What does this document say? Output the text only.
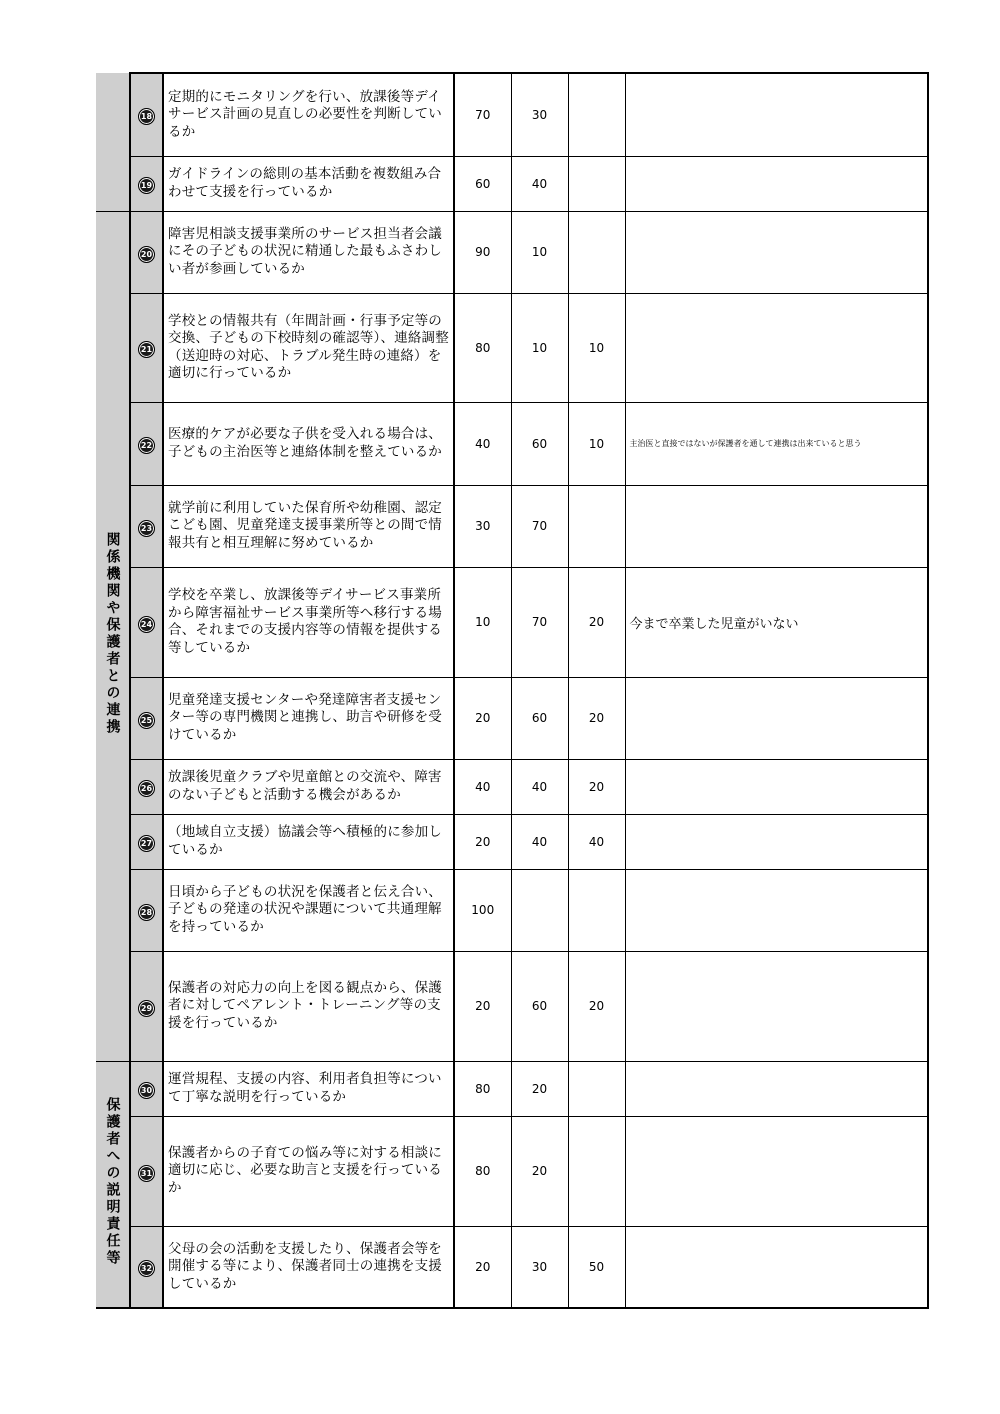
	18	定期的にモニタリングを行い、放課後等デイサービス計画の見直しの必要性を判断しているか	70	30		
	19	ガイドラインの総則の基本活動を複数組み合わせて支援を行っているか	60	40		
関係機関や保護者との連携	20	障害児相談支援事業所のサービス担当者会議にその子どもの状況に精通した最もふさわしい者が参画しているか	90	10		
	21	学校との情報共有（年間計画・行事予定等の交換、子どもの下校時刻の確認等）、連絡調整（送迎時の対応、トラブル発生時の連絡）を適切に行っているか	80	10	10	
	22	医療的ケアが必要な子供を受入れる場合は、子どもの主治医等と連絡体制を整えているか	40	60	10	主治医と直接ではないが保護者を通して連携は出来ていると思う
	23	就学前に利用していた保育所や幼稚園、認定こども園、児童発達支援事業所等との間で情報共有と相互理解に努めているか	30	70		
	24	学校を卒業し、放課後等デイサービス事業所から障害福祉サービス事業所等へ移行する場合、それまでの支援内容等の情報を提供する等しているか	10	70	20	今まで卒業した児童がいない
	25	児童発達支援センターや発達障害者支援センター等の専門機関と連携し、助言や研修を受けているか	20	60	20	
	26	放課後児童クラブや児童館との交流や、障害のない子どもと活動する機会があるか	40	40	20	
	27	（地域自立支援）協議会等へ積極的に参加しているか	20	40	40	
	28	日頃から子どもの状況を保護者と伝え合い、子どもの発達の状況や課題について共通理解を持っているか	100			
	29	保護者の対応力の向上を図る観点から、保護者に対してペアレント・トレーニング等の支援を行っているか	20	60	20	
保護者への説明責任等	30	運営規程、支援の内容、利用者負担等について丁寧な説明を行っているか	80	20		
	31	保護者からの子育ての悩み等に対する相談に適切に応じ、必要な助言と支援を行っているか	80	20		
	32	父母の会の活動を支援したり、保護者会等を開催する等により、保護者同士の連携を支援しているか	20	30	50	
